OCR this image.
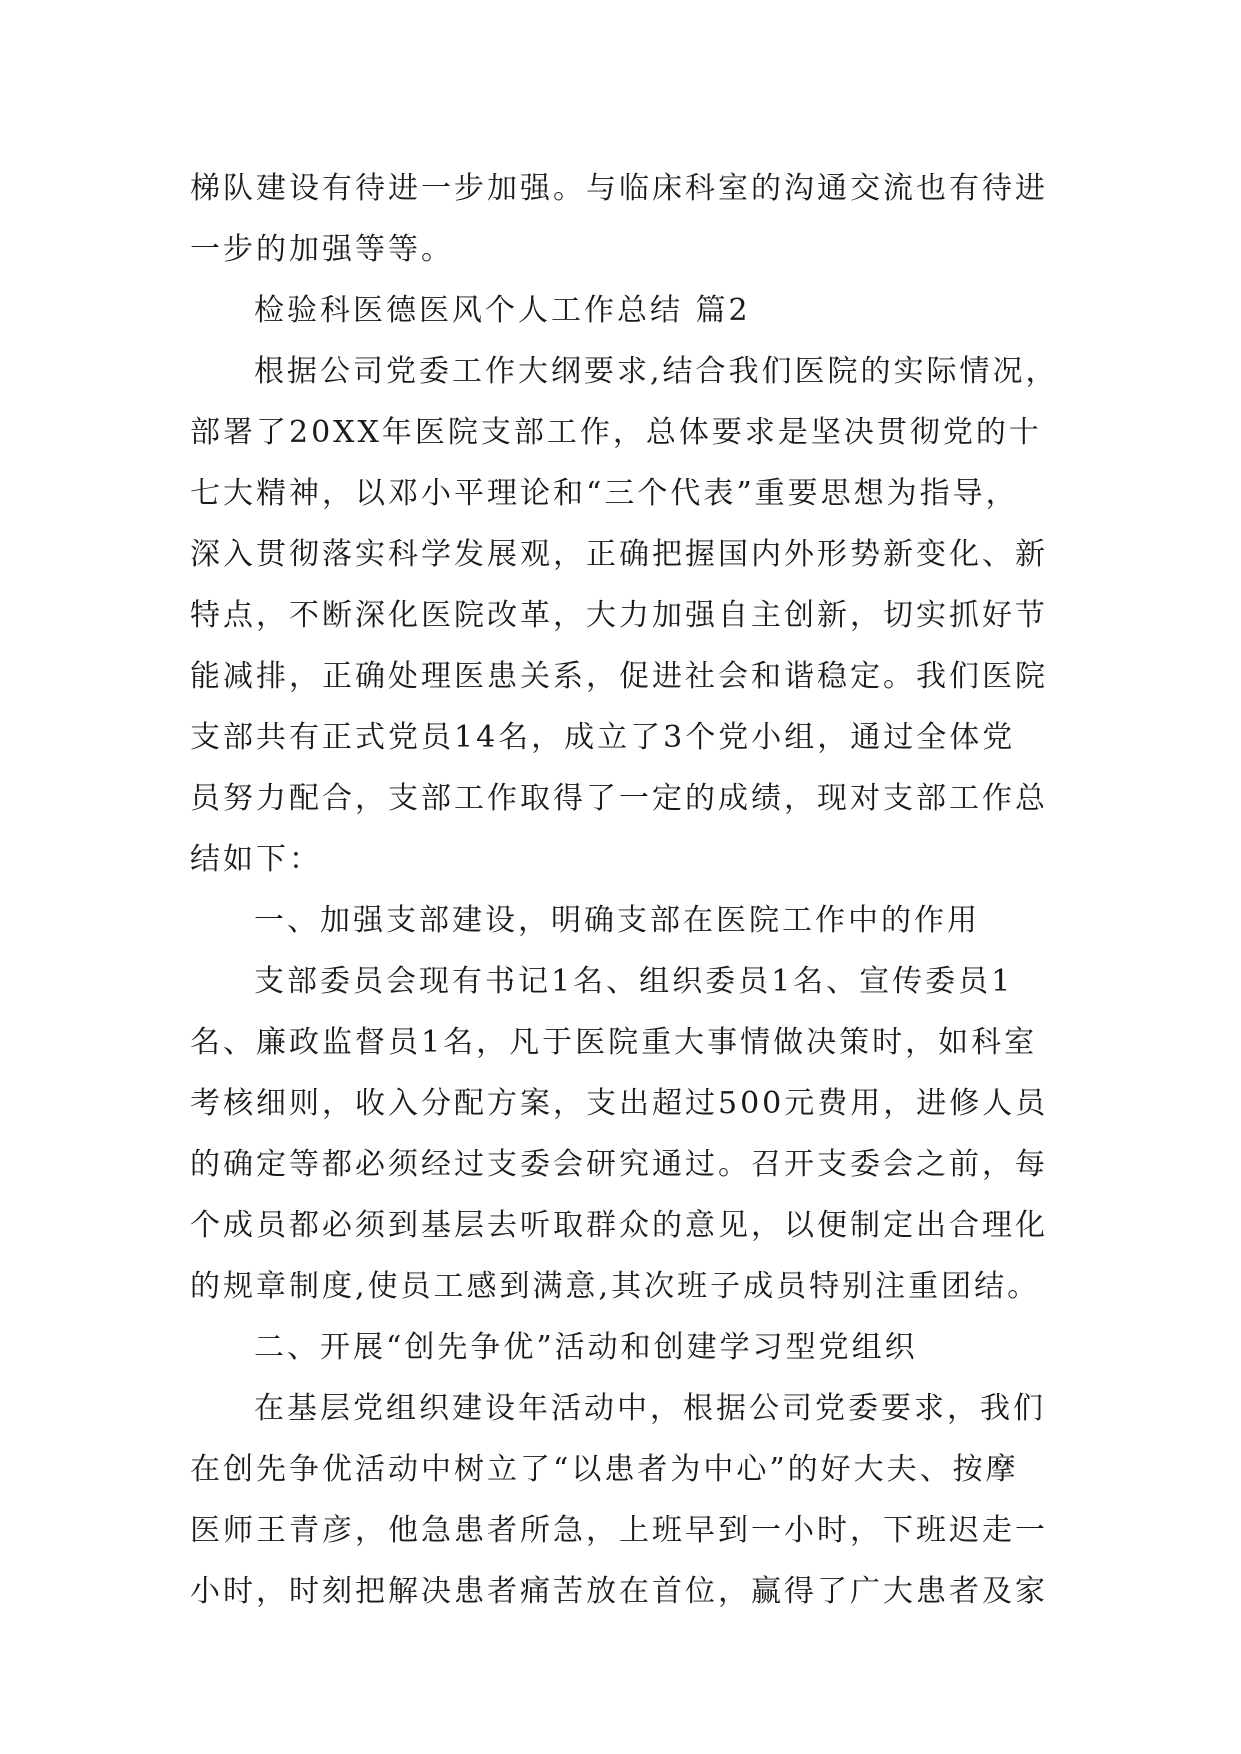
梯队建设有待进一步加强。与临床科室的沟通交流也有待进
一步的加强等等。
检验科医德医风个人工作总结 篇2
根据公司党委工作大纲要求,结合我们医院的实际情况，
部署了20XX年医院支部工作，总体要求是坚决贯彻党的十
七大精神，以邓小平理论和“三个代表”重要思想为指导，
深入贯彻落实科学发展观，正确把握国内外形势新变化、新
特点，不断深化医院改革，大力加强自主创新，切实抓好节
能减排，正确处理医患关系，促进社会和谐稳定。我们医院
支部共有正式党员14名，成立了3个党小组，通过全体党
员努力配合，支部工作取得了一定的成绩，现对支部工作总
结如下：
一、加强支部建设，明确支部在医院工作中的作用
支部委员会现有书记1名、组织委员1名、宣传委员1
名、廉政监督员1名，凡于医院重大事情做决策时，如科室
考核细则，收入分配方案，支出超过500元费用，进修人员
的确定等都必须经过支委会研究通过。召开支委会之前，每
个成员都必须到基层去听取群众的意见，以便制定出合理化
的规章制度,使员工感到满意,其次班子成员特别注重团结。
二、开展“创先争优”活动和创建学习型党组织
在基层党组织建设年活动中，根据公司党委要求，我们
在创先争优活动中树立了“以患者为中心”的好大夫、按摩
医师王青彦，他急患者所急，上班早到一小时，下班迟走一
小时，时刻把解决患者痛苦放在首位，赢得了广大患者及家
